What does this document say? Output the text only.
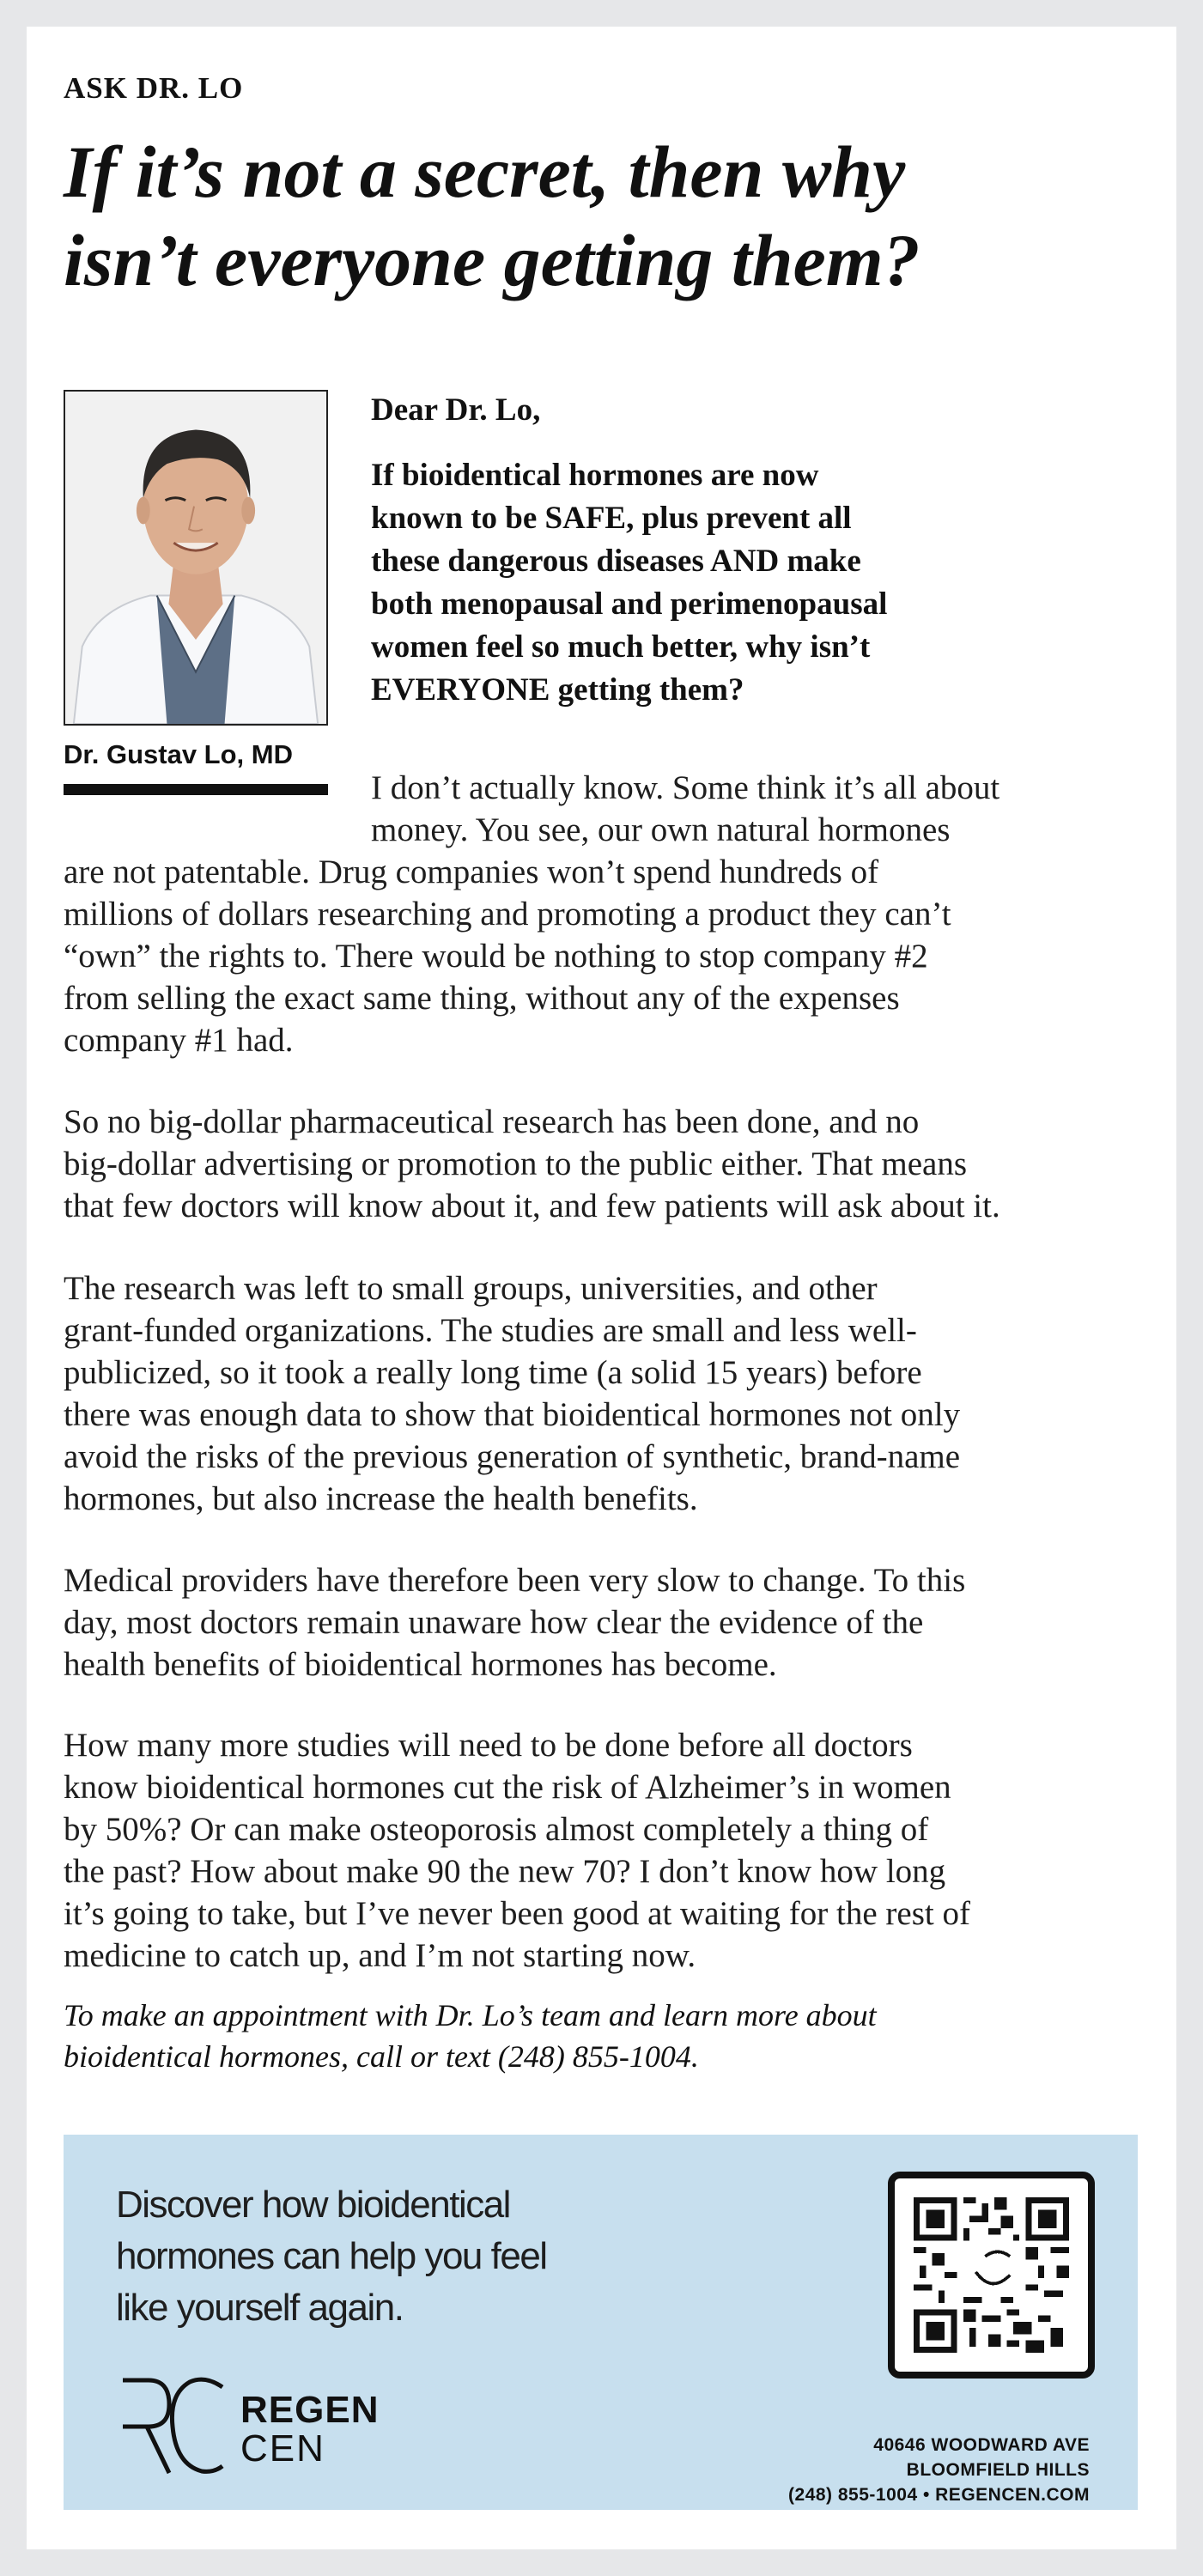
ASK DR. LO

If it’s not a secret, then why
isn’t everyone getting them?

Dr. Gustav Lo, MD

Dear Dr. Lo,

If bioidentical hormones are now
known to be SAFE, plus prevent all
these dangerous diseases AND make
both menopausal and perimenopausal
women feel so much better, why isn’t
EVERYONE getting them?

I don’t actually know. Some think it’s all about
money. You see, our own natural hormones
are not patentable. Drug companies won’t spend hundreds of
millions of dollars researching and promoting a product they can’t
“own” the rights to. There would be nothing to stop company #2
from selling the exact same thing, without any of the expenses
company #1 had.

So no big-dollar pharmaceutical research has been done, and no
big-dollar advertising or promotion to the public either. That means
that few doctors will know about it, and few patients will ask about it.

The research was left to small groups, universities, and other
grant-funded organizations. The studies are small and less well-
publicized, so it took a really long time (a solid 15 years) before
there was enough data to show that bioidentical hormones not only
avoid the risks of the previous generation of synthetic, brand-name
hormones, but also increase the health benefits.

Medical providers have therefore been very slow to change. To this
day, most doctors remain unaware how clear the evidence of the
health benefits of bioidentical hormones has become.

How many more studies will need to be done before all doctors
know bioidentical hormones cut the risk of Alzheimer’s in women
by 50%? Or can make osteoporosis almost completely a thing of
the past? How about make 90 the new 70? I don’t know how long
it’s going to take, but I’ve never been good at waiting for the rest of
medicine to catch up, and I’m not starting now.

To make an appointment with Dr. Lo’s team and learn more about
bioidentical hormones, call or text (248) 855-1004.

Discover how bioidentical
hormones can help you feel
like yourself again.

REGEN
CEN	40646 WOODWARD AVE
BLOOMFIELD HILLS
(248) 855-1004 • REGENCEN.COM
